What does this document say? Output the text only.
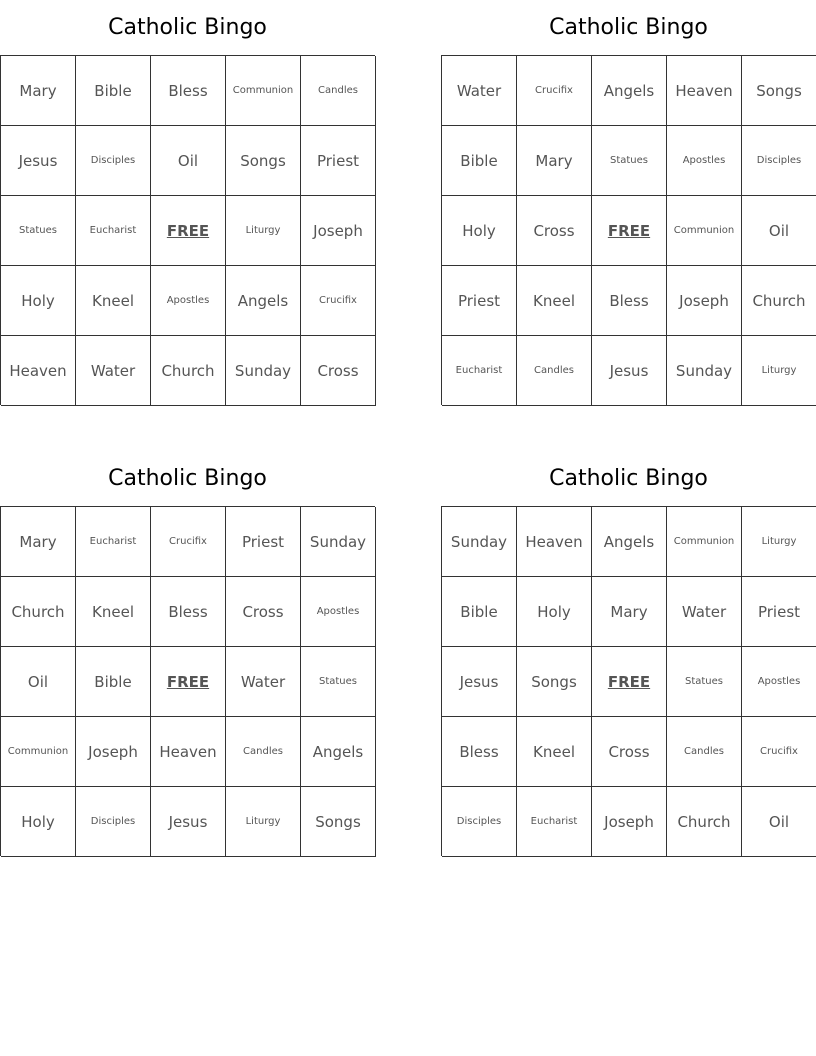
Catholic Bingo
Mary	Bible	Bless	Communion	Candles
Jesus	Disciples	Oil	Songs	Priest
Statues	Eucharist	FREE	Liturgy	Joseph
Holy	Kneel	Apostles	Angels	Crucifix
Heaven	Water	Church	Sunday	Cross
Catholic Bingo
Water	Crucifix	Angels	Heaven	Songs
Bible	Mary	Statues	Apostles	Disciples
Holy	Cross	FREE	Communion	Oil
Priest	Kneel	Bless	Joseph	Church
Eucharist	Candles	Jesus	Sunday	Liturgy
Catholic Bingo
Mary	Eucharist	Crucifix	Priest	Sunday
Church	Kneel	Bless	Cross	Apostles
Oil	Bible	FREE	Water	Statues
Communion	Joseph	Heaven	Candles	Angels
Holy	Disciples	Jesus	Liturgy	Songs
Catholic Bingo
Sunday	Heaven	Angels	Communion	Liturgy
Bible	Holy	Mary	Water	Priest
Jesus	Songs	FREE	Statues	Apostles
Bless	Kneel	Cross	Candles	Crucifix
Disciples	Eucharist	Joseph	Church	Oil
